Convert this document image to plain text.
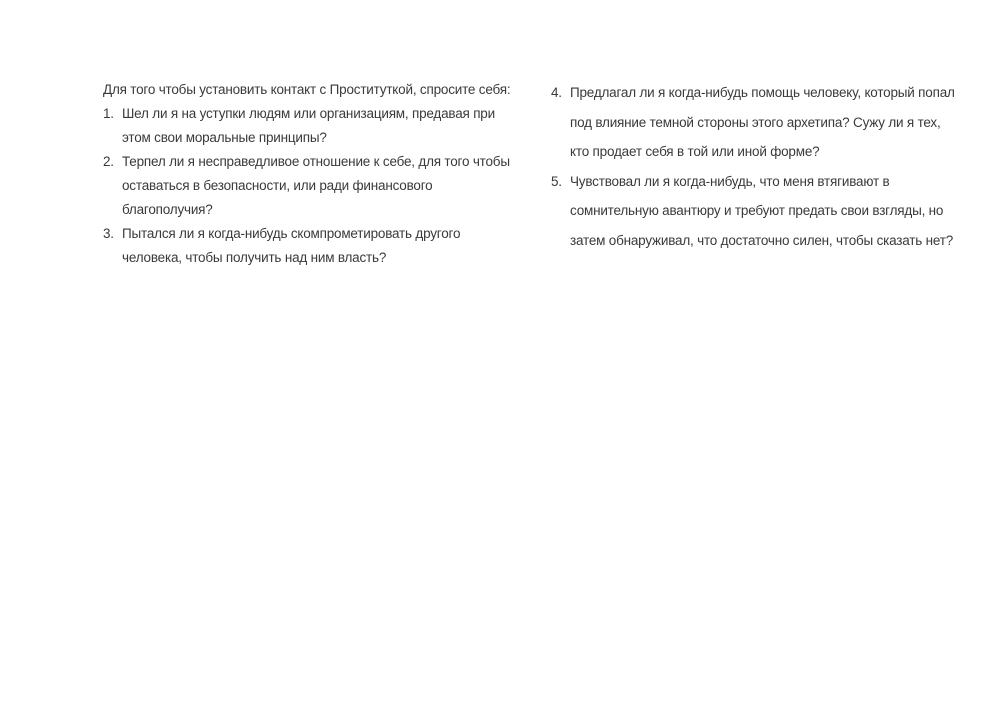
Для того чтобы установить контакт с Проституткой, спросите себя:

1. Шел ли я на уступки людям или организациям, предавая при этом свои моральные принципы?
2. Терпел ли я несправедливое отношение к себе, для того чтобы оставаться в безопасности, или ради финансового благополучия?
3. Пытался ли я когда-нибудь скомпрометировать другого человека, чтобы получить над ним власть?
4. Предлагал ли я когда-нибудь помощь человеку, который попал под влияние темной стороны этого архетипа? Сужу ли я тех, кто продает себя в той или иной форме?
5. Чувствовал ли я когда-нибудь, что меня втягивают в сомнительную авантюру и требуют предать свои взгляды, но затем обнаруживал, что достаточно силен, чтобы сказать нет?
